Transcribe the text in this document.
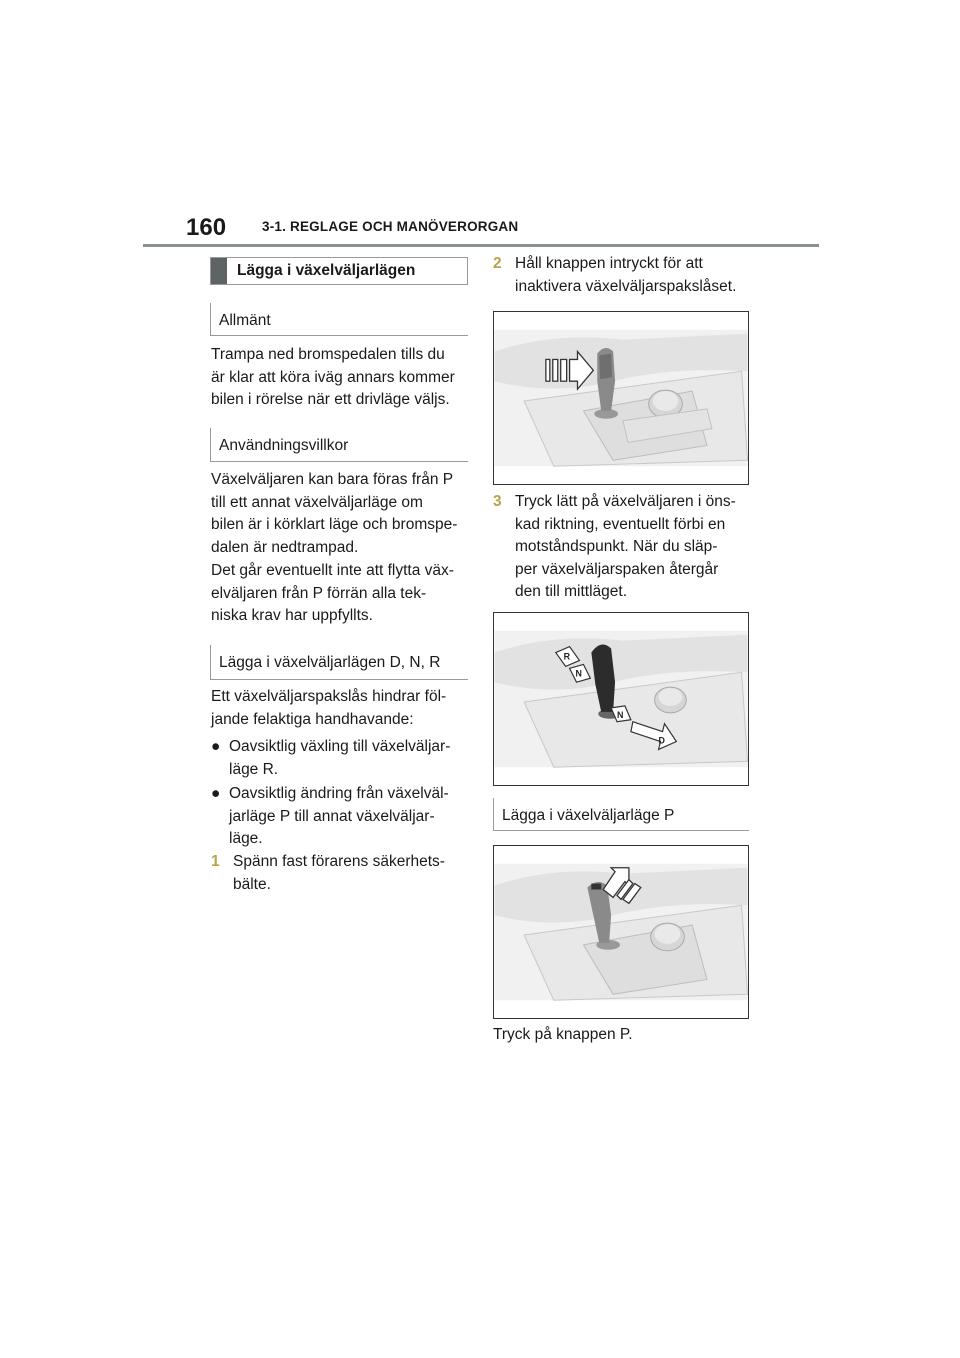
160	3-1. REGLAGE OCH MANÖVERORGAN
Lägga i växelväljarlägen
Allmänt

Trampa ned bromspedalen tills du

är klar att köra iväg annars kommer

bilen i rörelse när ett drivläge väljs.

Användningsvillkor

Växelväljaren kan bara föras från P

till ett annat växelväljarläge om

bilen är i körklart läge och bromspe-

dalen är nedtrampad.

Det går eventuellt inte att flytta väx-

elväljaren från P förrän alla tek-

niska krav har uppfyllts.

Lägga i växelväljarlägen D, N, R

Ett växelväljarspakslås hindrar föl-

jande felaktiga handhavande:

● Oavsiktlig växling till växelväljar-

läge R.

● Oavsiktlig ändring från växelväl-

jarläge P till annat växelväljar-

läge.

1 Spänn fast förarens säkerhets-

bälte.

2 Håll knappen intryckt för att

inaktivera växelväljarspakslåset.

3 Tryck lätt på växelväljaren i öns-

kad riktning, eventuellt förbi en

motståndspunkt. När du släp-

per växelväljarspaken återgår

den till mittläget.

R
N
N
D
Lägga i växelväljarläge P
Tryck på knappen P.
